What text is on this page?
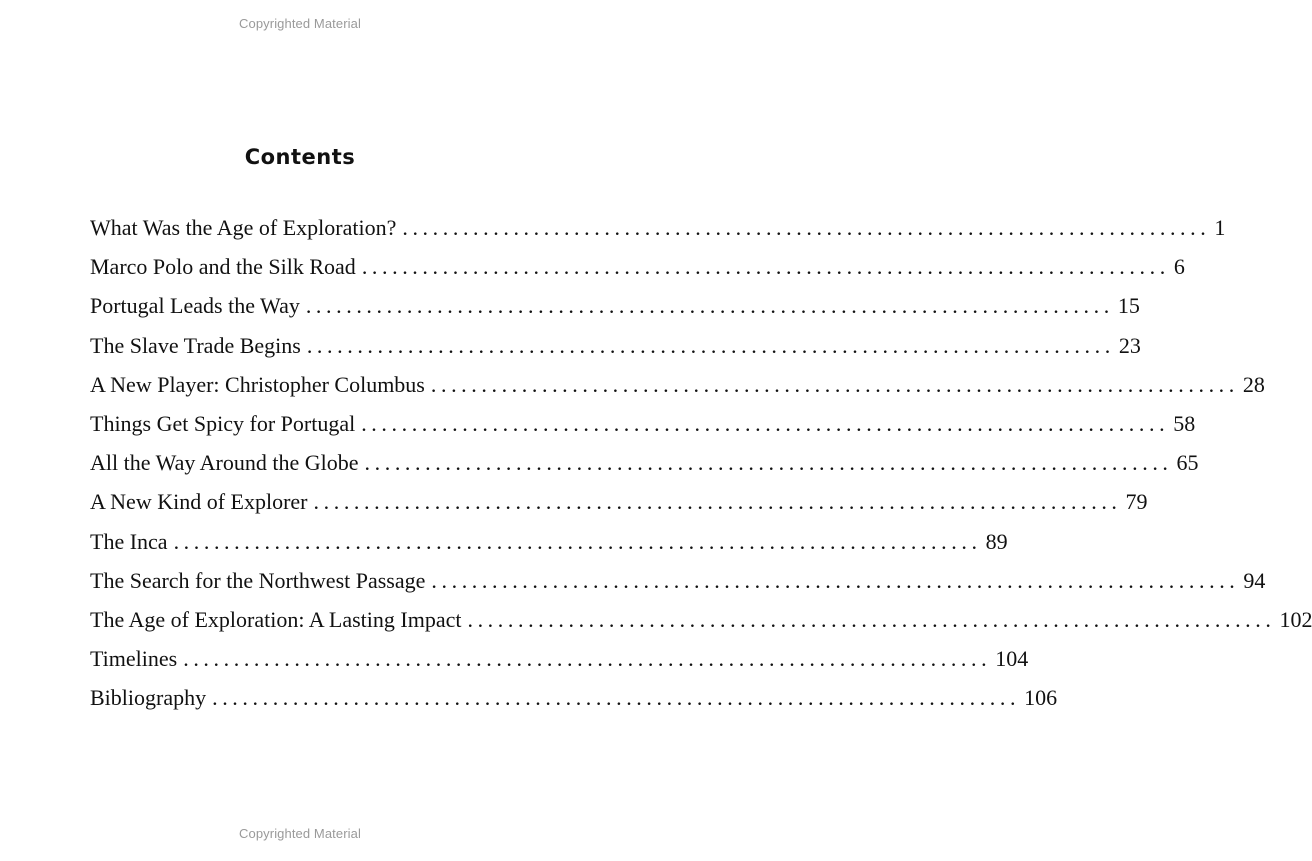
Copyrighted Material
Contents
What Was the Age of Exploration? ................................................................................ 1
Marco Polo and the Silk Road ................................................................................ 6
Portugal Leads the Way ................................................................................ 15
The Slave Trade Begins ................................................................................ 23
A New Player: Christopher Columbus ................................................................................ 28
Things Get Spicy for Portugal ................................................................................ 58
All the Way Around the Globe ................................................................................ 65
A New Kind of Explorer ................................................................................ 79
The Inca ................................................................................ 89
The Search for the Northwest Passage ................................................................................ 94
The Age of Exploration: A Lasting Impact ................................................................................ 102
Timelines ................................................................................ 104
Bibliography ................................................................................ 106
Copyrighted Material
